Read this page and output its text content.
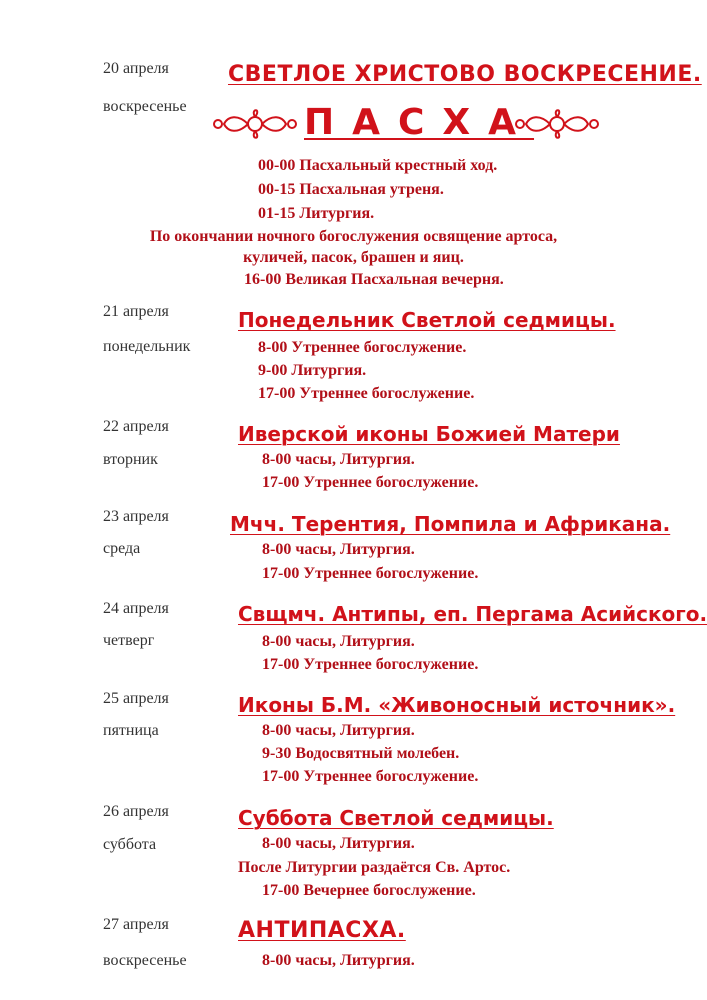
20 апреля
воскресенье
СВЕТЛОЕ ХРИСТОВО ВОСКРЕСЕНИЕ.
ПАСХА
00-00 Пасхальный крестный ход.
00-15 Пасхальная утреня.
01-15 Литургия.
По окончании ночного богослужения освящение артоса,
куличей, пасок, брашен и яиц.
16-00 Великая Пасхальная вечерня.
21 апреля
понедельник
Понедельник Светлой седмицы.
8-00 Утреннее богослужение.
9-00 Литургия.
17-00 Утреннее богослужение.
22 апреля
вторник
Иверской иконы Божией Матери
8-00 часы, Литургия.
17-00 Утреннее богослужение.
23 апреля
среда
Мчч. Терентия, Помпила и Африкана.
8-00 часы, Литургия.
17-00 Утреннее богослужение.
24 апреля
четверг
Свщмч. Антипы, еп. Пергама Асийского.
8-00 часы, Литургия.
17-00 Утреннее богослужение.
25 апреля
пятница
Иконы Б.М. «Живоносный источник».
8-00 часы, Литургия.
9-30 Водосвятный молебен.
17-00 Утреннее богослужение.
26 апреля
суббота
Суббота Светлой седмицы.
8-00 часы, Литургия.
После Литургии раздаётся Св. Артос.
17-00 Вечернее богослужение.
27 апреля
воскресенье
АНТИПАСХА.
8-00 часы, Литургия.
